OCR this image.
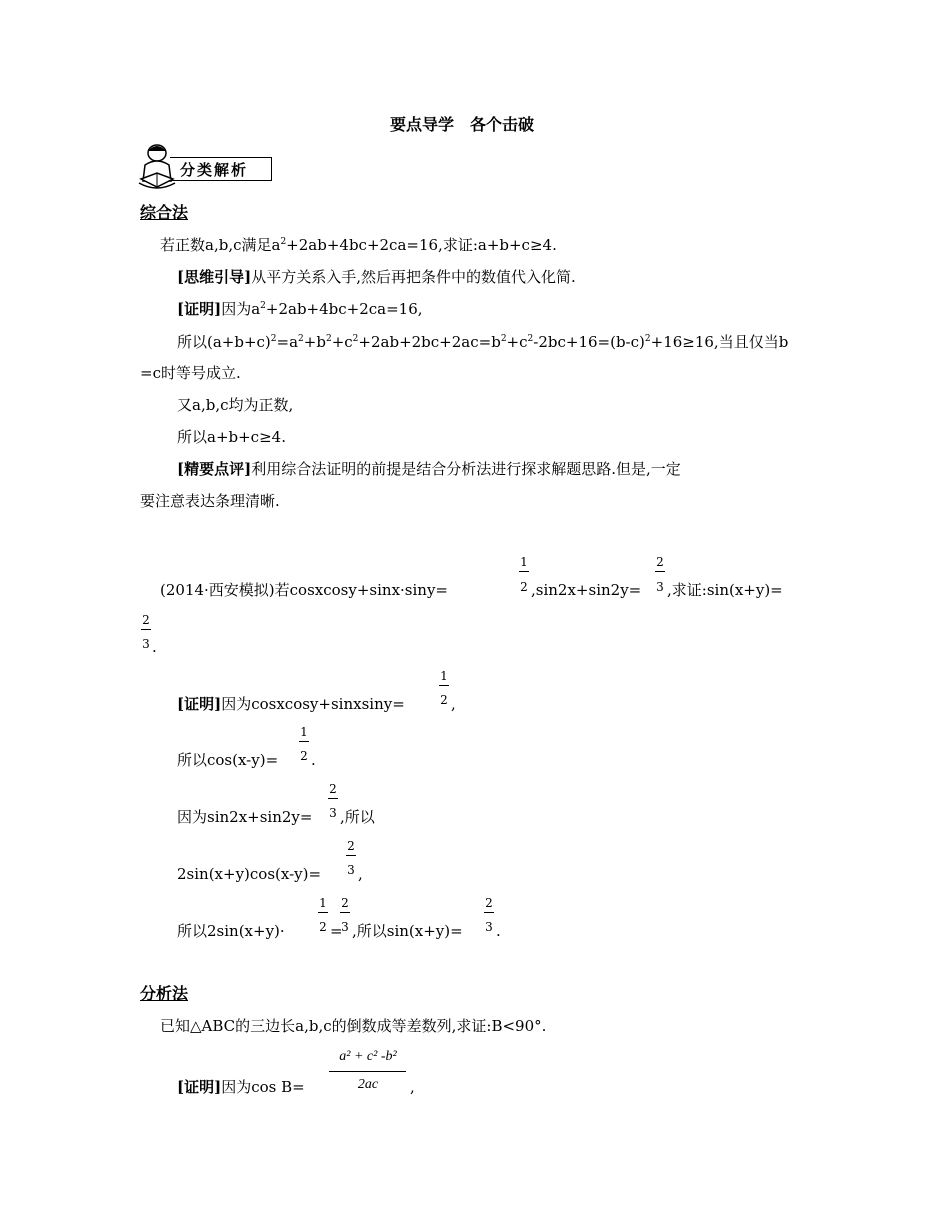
要点导学　各个击破
分类解析
综合法
若正数a,b,c满足$a^2+2ab+4bc+2ca=16$,求证:a+b+c≥4.
[思维引导]从平方关系入手,然后再把条件中的数值代入化简.
[证明]因为$a^2+2ab+4bc+2ca=16$,
所以$(a+b+c)^2=a^2+b^2+c^2+2ab+2bc+2ac=b^2+c^2-2bc+16=(b-c)^2+16\ge 16$,当且仅当b
=c时等号成立.
又a,b,c均为正数,
所以a+b+c≥4.
[精要点评]利用综合法证明的前提是结合分析法进行探求解题思路.但是,一定
要注意表达条理清晰.
(2014·西安模拟)若cosxcosy+sinx·siny=
1
2 ,sin2x+sin2y=
2
3 ,求证:sin(x+y)=
2
3 .
[证明]因为cosxcosy+sinxsiny=
1
2 ,
所以cos(x-y)=
1
2 .
因为sin2x+sin2y=
2
3 ,所以
2sin(x+y)cos(x-y)=
2
3 ,
所以2sin(x+y)·
1
2 =
2
3 ,所以sin(x+y)=
2
3 .
分析法
已知△ABC的三边长a,b,c的倒数成等差数列,求证:B<90°.
[证明]因为cos B=
a² + c² -b²
2ac	,
